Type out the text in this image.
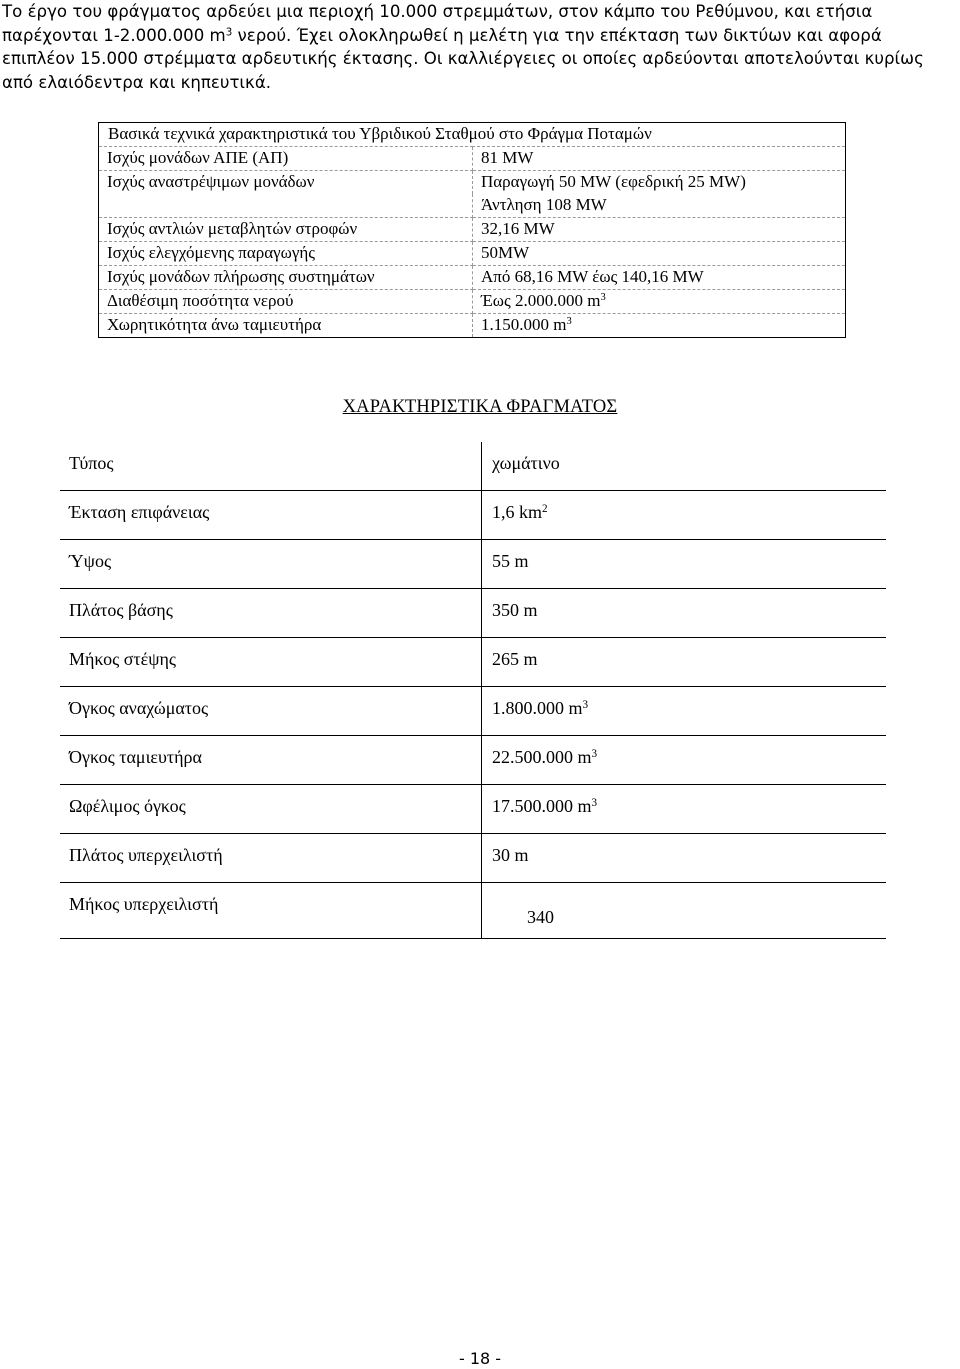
Το έργο του φράγματος αρδεύει μια περιοχή 10.000 στρεμμάτων, στον κάμπο του Ρεθύμνου, και ετήσια

παρέχονται 1-2.000.000 $m^3$ νερού. Έχει ολοκληρωθεί η μελέτη για την επέκταση των δικτύων και αφορά

επιπλέον 15.000 στρέμματα αρδευτικής έκτασης. Οι καλλιέργειες οι οποίες αρδεύονται αποτελούνται κυρίως

από ελαιόδεντρα και κηπευτικά.

Βασικά τεχνικά χαρακτηριστικά του Υβριδικού Σταθμού στο Φράγμα Ποταμών	
Ισχύς μονάδων ΑΠΕ (ΑΠ)	81 MW
Ισχύς αναστρέψιμων μονάδων	Παραγωγή 50 MW (εφεδρική 25 MW)
	Άντληση 108 MW
Ισχύς αντλιών μεταβλητών στροφών	32,16 MW
Ισχύς ελεγχόμενης παραγωγής	50MW
Ισχύς μονάδων πλήρωσης συστημάτων	Από 68,16 MW έως 140,16 MW
Διαθέσιμη ποσότητα νερού	Έως 2.000.000 $m^3$
Χωρητικότητα άνω ταμιευτήρα	1.150.000 $m^3$
ΧΑΡΑΚΤΗΡΙΣΤΙΚΑ ΦΡΑΓΜΑΤΟΣ
Τύπος	χωμάτινο

Έκταση επιφάνειας	1,6 $km^2$

Ύψος	55 m

Πλάτος βάσης	350 m

Μήκος στέψης	265 m

Όγκος αναχώματος	1.800.000 $m^3$

Όγκος ταμιευτήρα	22.500.000 $m^3$

Ωφέλιμος όγκος	17.500.000 $m^3$

Πλάτος υπερχειλιστή	30 m

Μήκος υπερχειλιστή	340
- 18 -
